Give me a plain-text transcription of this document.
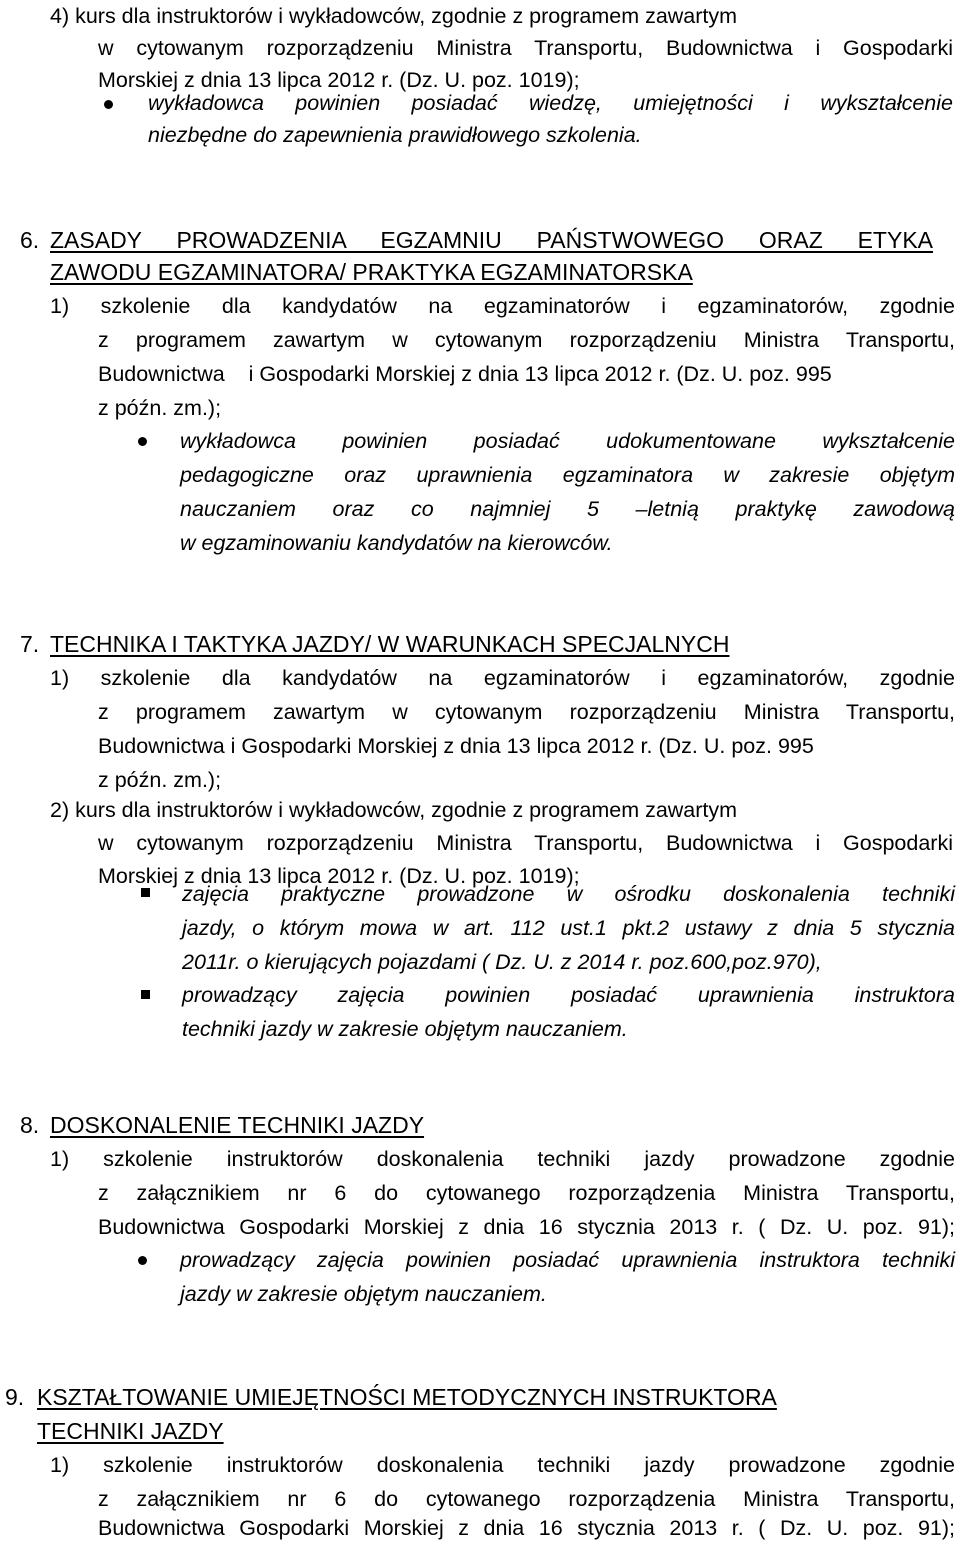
4) kurs dla instruktorów i wykładowców, zgodnie z programem zawartym
w cytowanym rozporządzeniu Ministra Transportu, Budownictwa i Gospodarki
Morskiej z dnia 13 lipca 2012 r. (Dz. U. poz. 1019);
wykładowca powinien posiadać wiedzę, umiejętności i wykształcenie
niezbędne do zapewnienia prawidłowego szkolenia.
6. ZASADY PROWADZENIA EGZAMNIU PAŃSTWOWEGO ORAZ ETYKA
ZAWODU EGZAMINATORA/ PRAKTYKA EGZAMINATORSKA
1) szkolenie dla kandydatów na egzaminatorów i egzaminatorów, zgodnie
z programem zawartym w cytowanym rozporządzeniu Ministra Transportu,
Budownictwa    i Gospodarki Morskiej z dnia 13 lipca 2012 r. (Dz. U. poz. 995
z późn. zm.);
wykładowca powinien posiadać udokumentowane wykształcenie
pedagogiczne oraz uprawnienia egzaminatora w zakresie objętym
nauczaniem oraz co najmniej 5 –letnią praktykę zawodową
w egzaminowaniu kandydatów na kierowców.
7. TECHNIKA I TAKTYKA JAZDY/ W WARUNKACH SPECJALNYCH
1) szkolenie dla kandydatów na egzaminatorów i egzaminatorów, zgodnie
z programem zawartym w cytowanym rozporządzeniu Ministra Transportu,
Budownictwa i Gospodarki Morskiej z dnia 13 lipca 2012 r. (Dz. U. poz. 995
z późn. zm.);
2) kurs dla instruktorów i wykładowców, zgodnie z programem zawartym
w cytowanym rozporządzeniu Ministra Transportu, Budownictwa i Gospodarki
Morskiej z dnia 13 lipca 2012 r. (Dz. U. poz. 1019);
zajęcia praktyczne prowadzone w ośrodku doskonalenia techniki
jazdy, o którym mowa w art. 112 ust.1 pkt.2 ustawy z dnia 5 stycznia
2011r. o kierujących pojazdami ( Dz. U. z 2014 r. poz.600,poz.970),
prowadzący zajęcia powinien posiadać uprawnienia instruktora
techniki jazdy w zakresie objętym nauczaniem.
8. DOSKONALENIE TECHNIKI JAZDY
1) szkolenie instruktorów doskonalenia techniki jazdy prowadzone zgodnie
z załącznikiem nr 6 do cytowanego rozporządzenia Ministra Transportu,
Budownictwa Gospodarki Morskiej z dnia 16 stycznia 2013 r. ( Dz. U. poz. 91);
prowadzący zajęcia powinien posiadać uprawnienia instruktora techniki
jazdy w zakresie objętym nauczaniem.
9. KSZTAŁTOWANIE UMIEJĘTNOŚCI METODYCZNYCH INSTRUKTORA
TECHNIKI JAZDY
1) szkolenie instruktorów doskonalenia techniki jazdy prowadzone zgodnie
z załącznikiem nr 6 do cytowanego rozporządzenia Ministra Transportu,
Budownictwa Gospodarki Morskiej z dnia 16 stycznia 2013 r. ( Dz. U. poz. 91);
